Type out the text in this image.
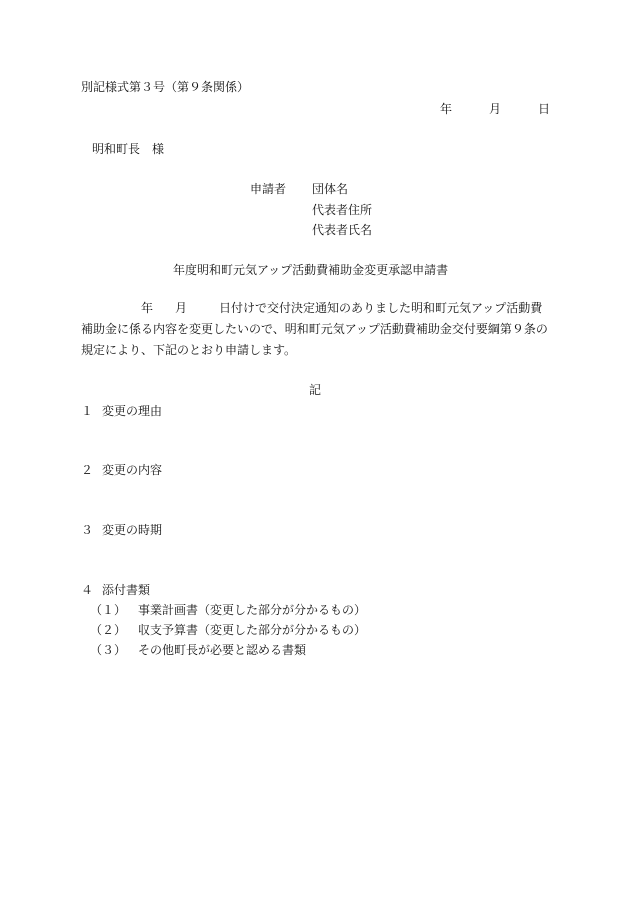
別記様式第３号（第９条関係）
年	月	日
明和町長　様
申請者 団体名
代表者住所
代表者氏名
年度明和町元気アップ活動費補助金変更承認申請書
年 月	日付けで交付決定通知のありました明和町元気アップ活動費補助金に係る内容を変更したいので、明和町元気アップ活動費補助金交付要綱第９条の規定により、下記のとおり申請します。
記
１ 変更の理由
２ 変更の内容
３ 変更の時期
４ 添付書類
（１） 事業計画書（変更した部分が分かるもの）
（２） 収支予算書（変更した部分が分かるもの）
（３） その他町長が必要と認める書類
